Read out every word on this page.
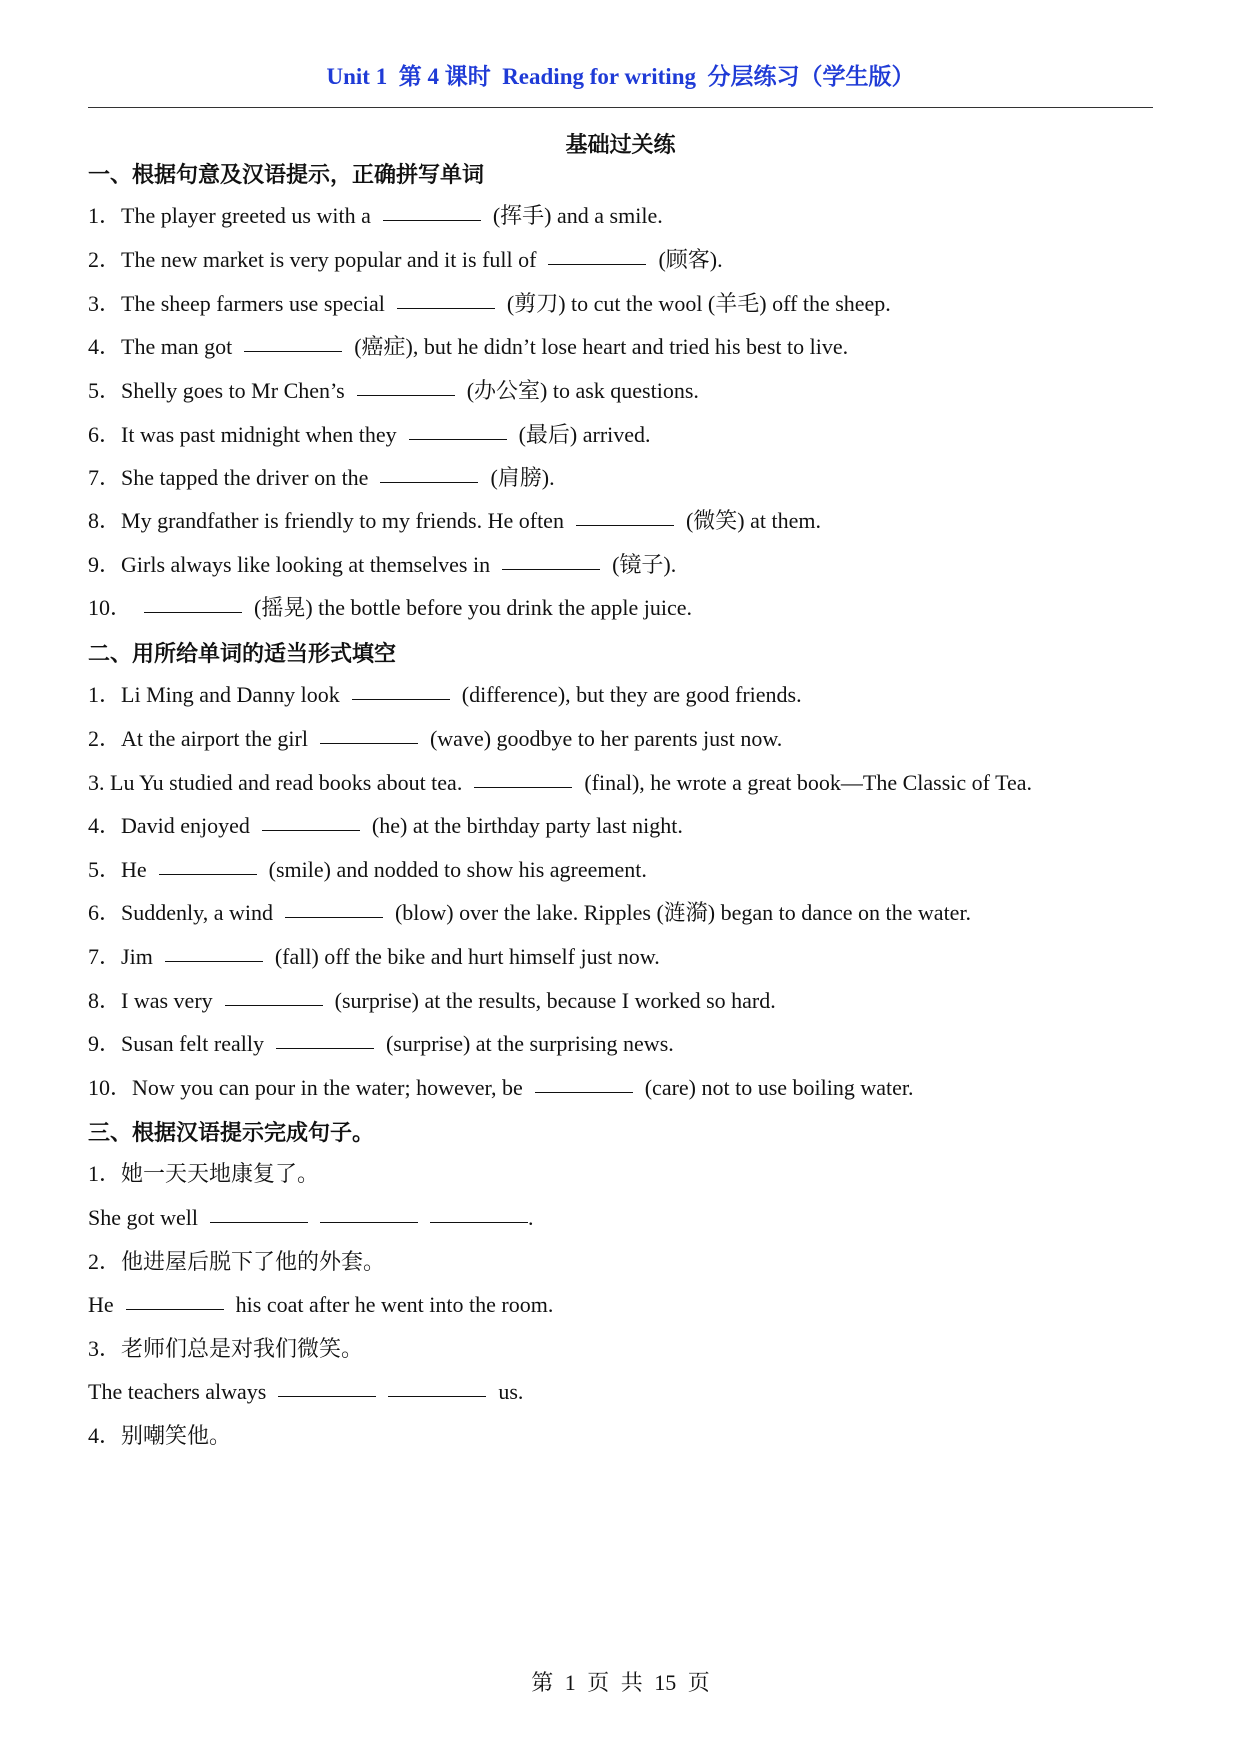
Unit 1  第 4 课时  Reading for writing  分层练习（学生版）
基础过关练
一、根据句意及汉语提示，正确拼写单词
1． The player greeted us with a	(挥手) and a smile.
2． The new market is very popular and it is full of	(顾客).
3． The sheep farmers use special	(剪刀) to cut the wool (羊毛) off the sheep.
4． The man got	(癌症), but he didn’t lose heart and tried his best to live.
5． Shelly goes to Mr Chen’s	(办公室) to ask questions.
6． It was past midnight when they	(最后) arrived.
7． She tapped the driver on the	(肩膀).
8． My grandfather is friendly to my friends. He often	(微笑) at them.
9． Girls always like looking at themselves in	(镜子).
10．	(摇晃) the bottle before you drink the apple juice.
二、用所给单词的适当形式填空
1． Li Ming and Danny look	(difference), but they are good friends.
2． At the airport the girl	(wave) goodbye to her parents just now.
3. Lu Yu studied and read books about tea.	(final), he wrote a great book—The Classic of Tea.
4． David enjoyed	(he) at the birthday party last night.
5． He	(smile) and nodded to show his agreement.
6． Suddenly, a wind	(blow) over the lake. Ripples (涟漪) began to dance on the water.
7． Jim	(fall) off the bike and hurt himself just now.
8． I was very	(surprise) at the results, because I worked so hard.
9． Susan felt really	(surprise) at the surprising news.
10． Now you can pour in the water; however, be	(care) not to use boiling water.
三、根据汉语提示完成句子。
1． 她一天天地康复了。
She got well	.
2． 他进屋后脱下了他的外套。
He	his coat after he went into the room.
3． 老师们总是对我们微笑。
The teachers always	us.
4． 别嘲笑他。
第 1 页 共 15 页
